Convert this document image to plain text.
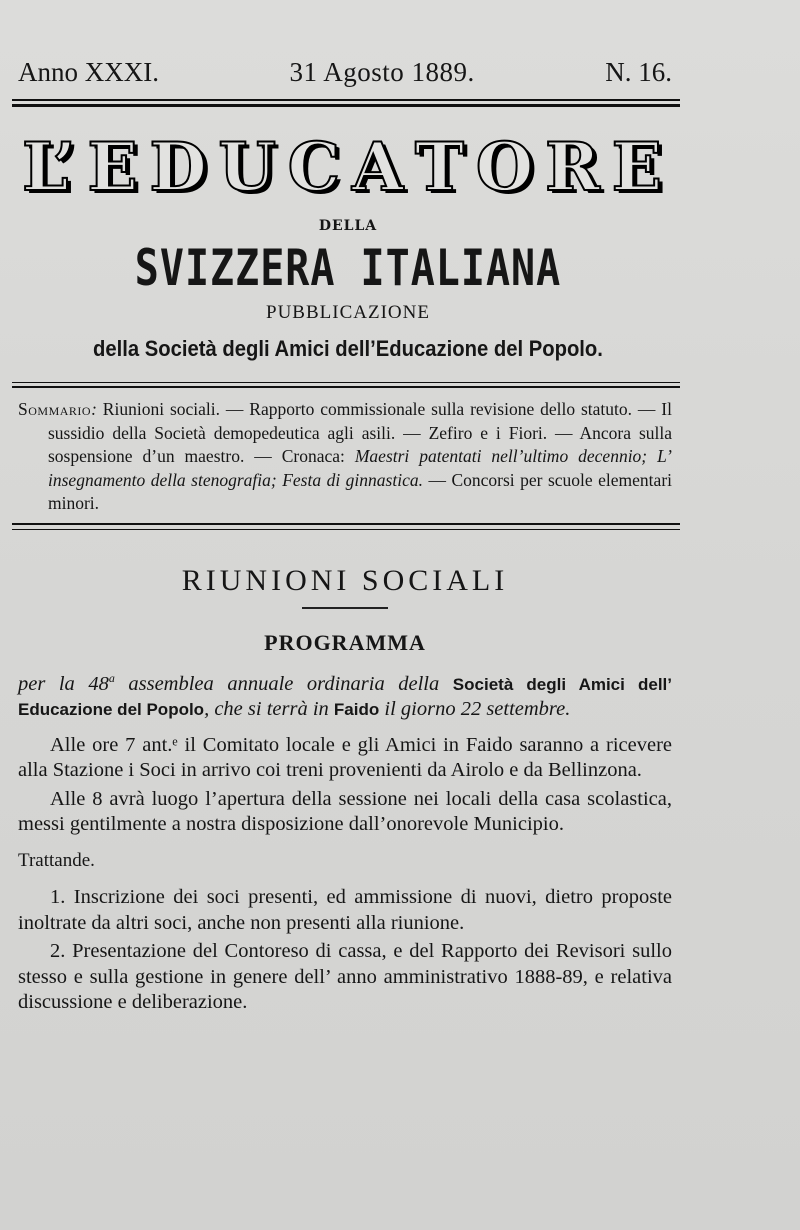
Anno XXXI.	31 Agosto 1889.	N. 16.
L’ E D U C A T O R E
DELLA
SVIZZERA ITALIANA
PUBBLICAZIONE
della Società degli Amici dell’Educazione del Popolo.

Sommario: Riunioni sociali. — Rapporto commissionale sulla revisione dello statuto. — Il sussidio della Società demopedeutica agli asili. — Zefiro e i Fiori. — Ancora sulla sospensione d’un maestro. — Cronaca: Maestri patentati nell’ultimo decennio; L’ insegnamento della stenografia; Festa di ginnastica. — Concorsi per scuole elementari minori.

RIUNIONI SOCIALI
PROGRAMMA

per la 48$^a$ assemblea annuale ordinaria della Società degli Amici dell’ Educazione del Popolo, che si terrà in Faido il giorno 22 settembre.

Alle ore 7 ant.ᵉ il Comitato locale e gli Amici in Faido saranno a ricevere alla Stazione i Soci in arrivo coi treni provenienti da Airolo e da Bellinzona.

Alle 8 avrà luogo l’apertura della sessione nei locali della casa scolastica, messi gentilmente a nostra disposizione dall’onorevole Municipio.

Trattande.

1. Inscrizione dei soci presenti, ed ammissione di nuovi, dietro proposte inoltrate da altri soci, anche non presenti alla riunione.

2. Presentazione del Contoreso di cassa, e del Rapporto dei Revisori sullo stesso e sulla gestione in genere dell’ anno amministrativo 1888-89, e relativa discussione e deliberazione.
